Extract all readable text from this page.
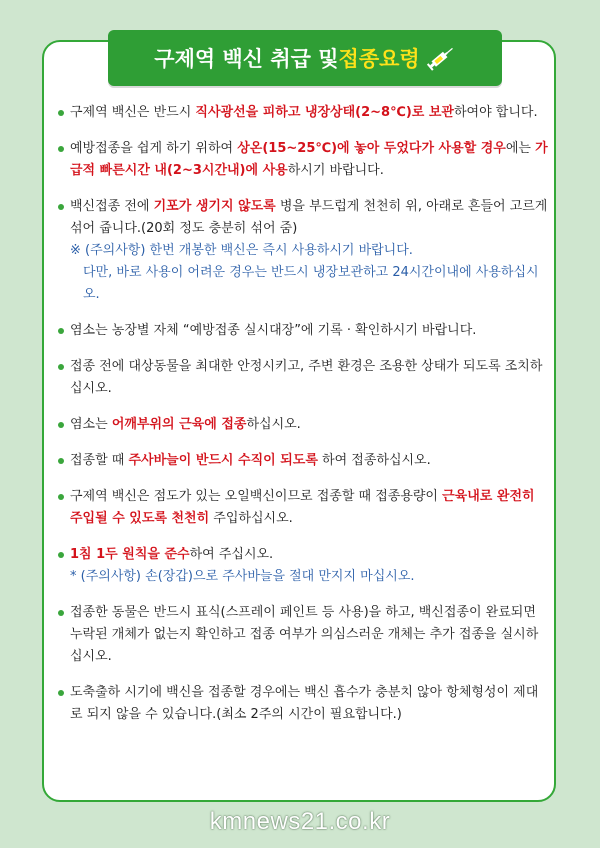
구제역 백신 취급 및 접종요령
구제역 백신은 반드시 직사광선을 피하고 냉장상태(2~8℃)로 보관하여야 합니다.
예방접종을 쉽게 하기 위하여 상온(15~25℃)에 놓아 두었다가 사용할 경우에는 가급적 빠른시간 내(2~3시간내)에 사용하시기 바랍니다.
백신접종 전에 기포가 생기지 않도록 병을 부드럽게 천천히 위, 아래로 흔들어 고르게 섞어 줍니다.(20회 정도 충분히 섞어 줌)
※ (주의사항) 한번 개봉한 백신은 즉시 사용하시기 바랍니다.
다만, 바로 사용이 어려운 경우는 반드시 냉장보관하고 24시간이내에 사용하십시오.
염소는 농장별 자체 “예방접종 실시대장”에 기록 · 확인하시기 바랍니다.
접종 전에 대상동물을 최대한 안정시키고, 주변 환경은 조용한 상태가 되도록 조치하십시오.
염소는 어깨부위의 근육에 접종하십시오.
접종할 때 주사바늘이 반드시 수직이 되도록 하여 접종하십시오.
구제역 백신은 점도가 있는 오일백신이므로 접종할 때 접종용량이 근육내로 완전히 주입될 수 있도록 천천히 주입하십시오.
1침 1두 원칙을 준수하여 주십시오.
* (주의사항) 손(장갑)으로 주사바늘을 절대 만지지 마십시오.
접종한 동물은 반드시 표식(스프레이 페인트 등 사용)을 하고, 백신접종이 완료되면 누락된 개체가 없는지 확인하고 접종 여부가 의심스러운 개체는 추가 접종을 실시하십시오.
도축출하 시기에 백신을 접종할 경우에는 백신 흡수가 충분치 않아 항체형성이 제대로 되지 않을 수 있습니다.(최소 2주의 시간이 필요합니다.)
kmnews21.co.kr
